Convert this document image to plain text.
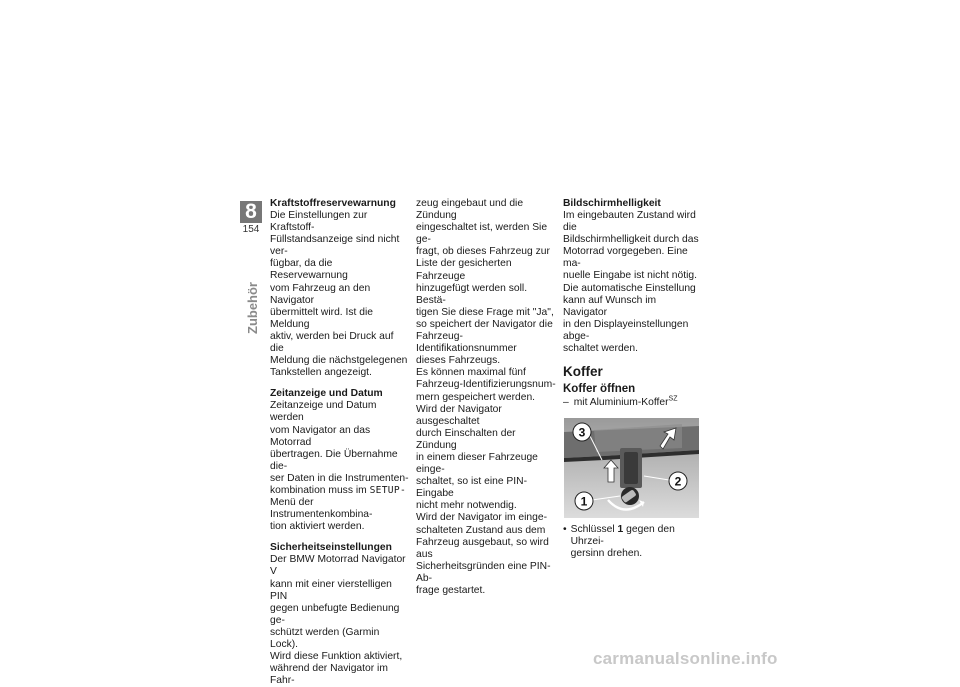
8
154
Zubehör

Kraftstoffreservewarnung

Die Einstellungen zur Kraftstoff-
Füllstandsanzeige sind nicht ver-
fügbar, da die Reservewarnung
vom Fahrzeug an den Navigator
übermittelt wird. Ist die Meldung
aktiv, werden bei Druck auf die
Meldung die nächstgelegenen
Tankstellen angezeigt.

Zeitanzeige und Datum

Zeitanzeige und Datum werden
vom Navigator an das Motorrad
übertragen. Die Übernahme die-
ser Daten in die Instrumenten-
kombination muss im SETUP-
Menü der Instrumentenkombina-
tion aktiviert werden.

Sicherheitseinstellungen

Der BMW Motorrad Navigator V
kann mit einer vierstelligen PIN
gegen unbefugte Bedienung ge-
schützt werden (Garmin Lock).
Wird diese Funktion aktiviert,
während der Navigator im Fahr-

zeug eingebaut und die Zündung
eingeschaltet ist, werden Sie ge-
fragt, ob dieses Fahrzeug zur
Liste der gesicherten Fahrzeuge
hinzugefügt werden soll. Bestä-
tigen Sie diese Frage mit "Ja",
so speichert der Navigator die
Fahrzeug-Identifikationsnummer
dieses Fahrzeugs.
Es können maximal fünf
Fahrzeug-Identifizierungsnum-
mern gespeichert werden.
Wird der Navigator ausgeschaltet
durch Einschalten der Zündung
in einem dieser Fahrzeuge einge-
schaltet, so ist eine PIN-Eingabe
nicht mehr notwendig.
Wird der Navigator im einge-
schalteten Zustand aus dem
Fahrzeug ausgebaut, so wird aus
Sicherheitsgründen eine PIN-Ab-
frage gestartet.

Bildschirmhelligkeit

Im eingebauten Zustand wird die
Bildschirmhelligkeit durch das
Motorrad vorgegeben. Eine ma-
nuelle Eingabe ist nicht nötig.
Die automatische Einstellung
kann auf Wunsch im Navigator
in den Displayeinstellungen abge-
schaltet werden.

Koffer

Koffer öffnen

– mit Aluminium-Koffer$^{SZ}$

3
1
2

• Schlüssel 1 gegen den Uhrzei-
gersinn drehen.

carmanualsonline.info
